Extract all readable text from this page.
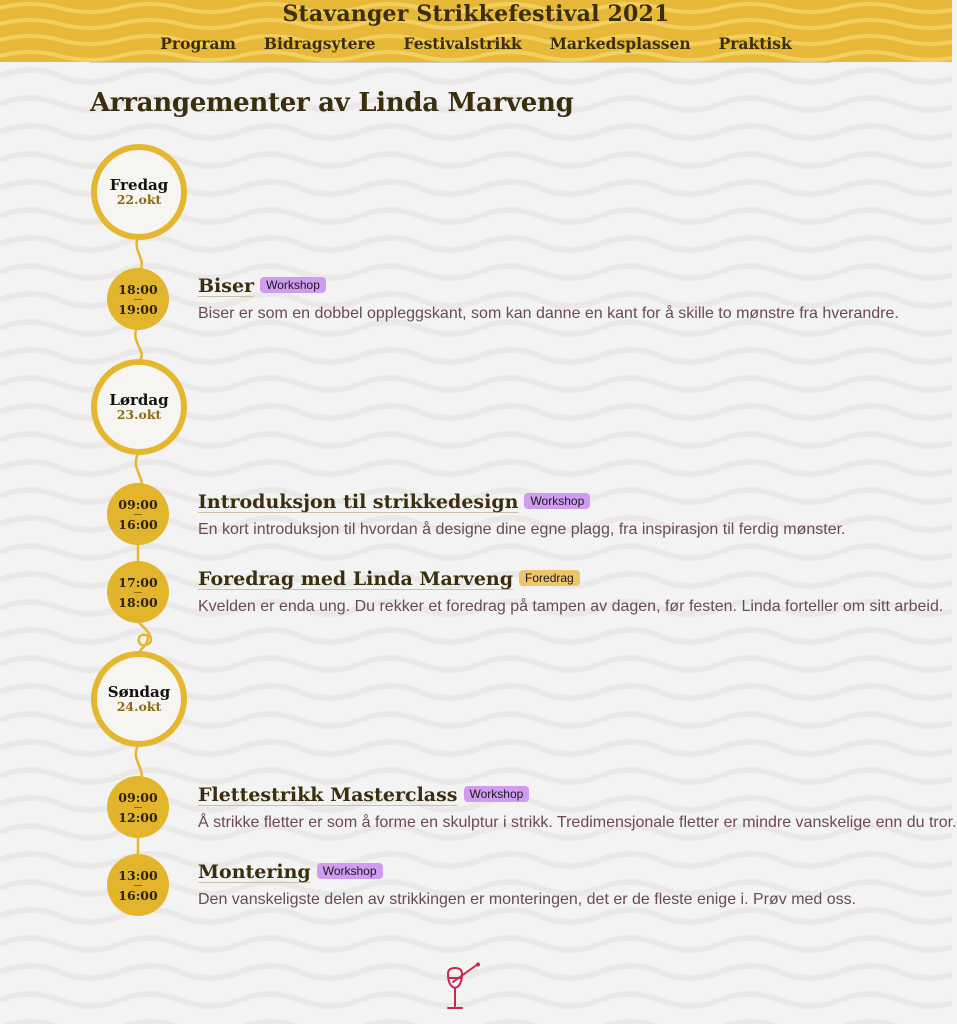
Stavanger Strikkefestival 2021
Program Bidragsytere Festivalstrikk Markedsplassen Praktisk
Arrangementer av Linda Marveng
Fredag
22.okt
Lørdag
23.okt
Søndag
24.okt
18:00
19:00
09:00
16:00
17:00
18:00
09:00
12:00
13:00
16:00
Biser Workshop
Biser er som en dobbel oppleggskant, som kan danne en kant for å skille to mønstre fra hverandre.
Introduksjon til strikkedesign Workshop
En kort introduksjon til hvordan å designe dine egne plagg, fra inspirasjon til ferdig mønster.
Foredrag med Linda Marveng Foredrag
Kvelden er enda ung. Du rekker et foredrag på tampen av dagen, før festen. Linda forteller om sitt arbeid.
Flettestrikk Masterclass Workshop
Å strikke fletter er som å forme en skulptur i strikk. Tredimensjonale fletter er mindre vanskelige enn du tror.
Montering Workshop
Den vanskeligste delen av strikkingen er monteringen, det er de fleste enige i. Prøv med oss.
